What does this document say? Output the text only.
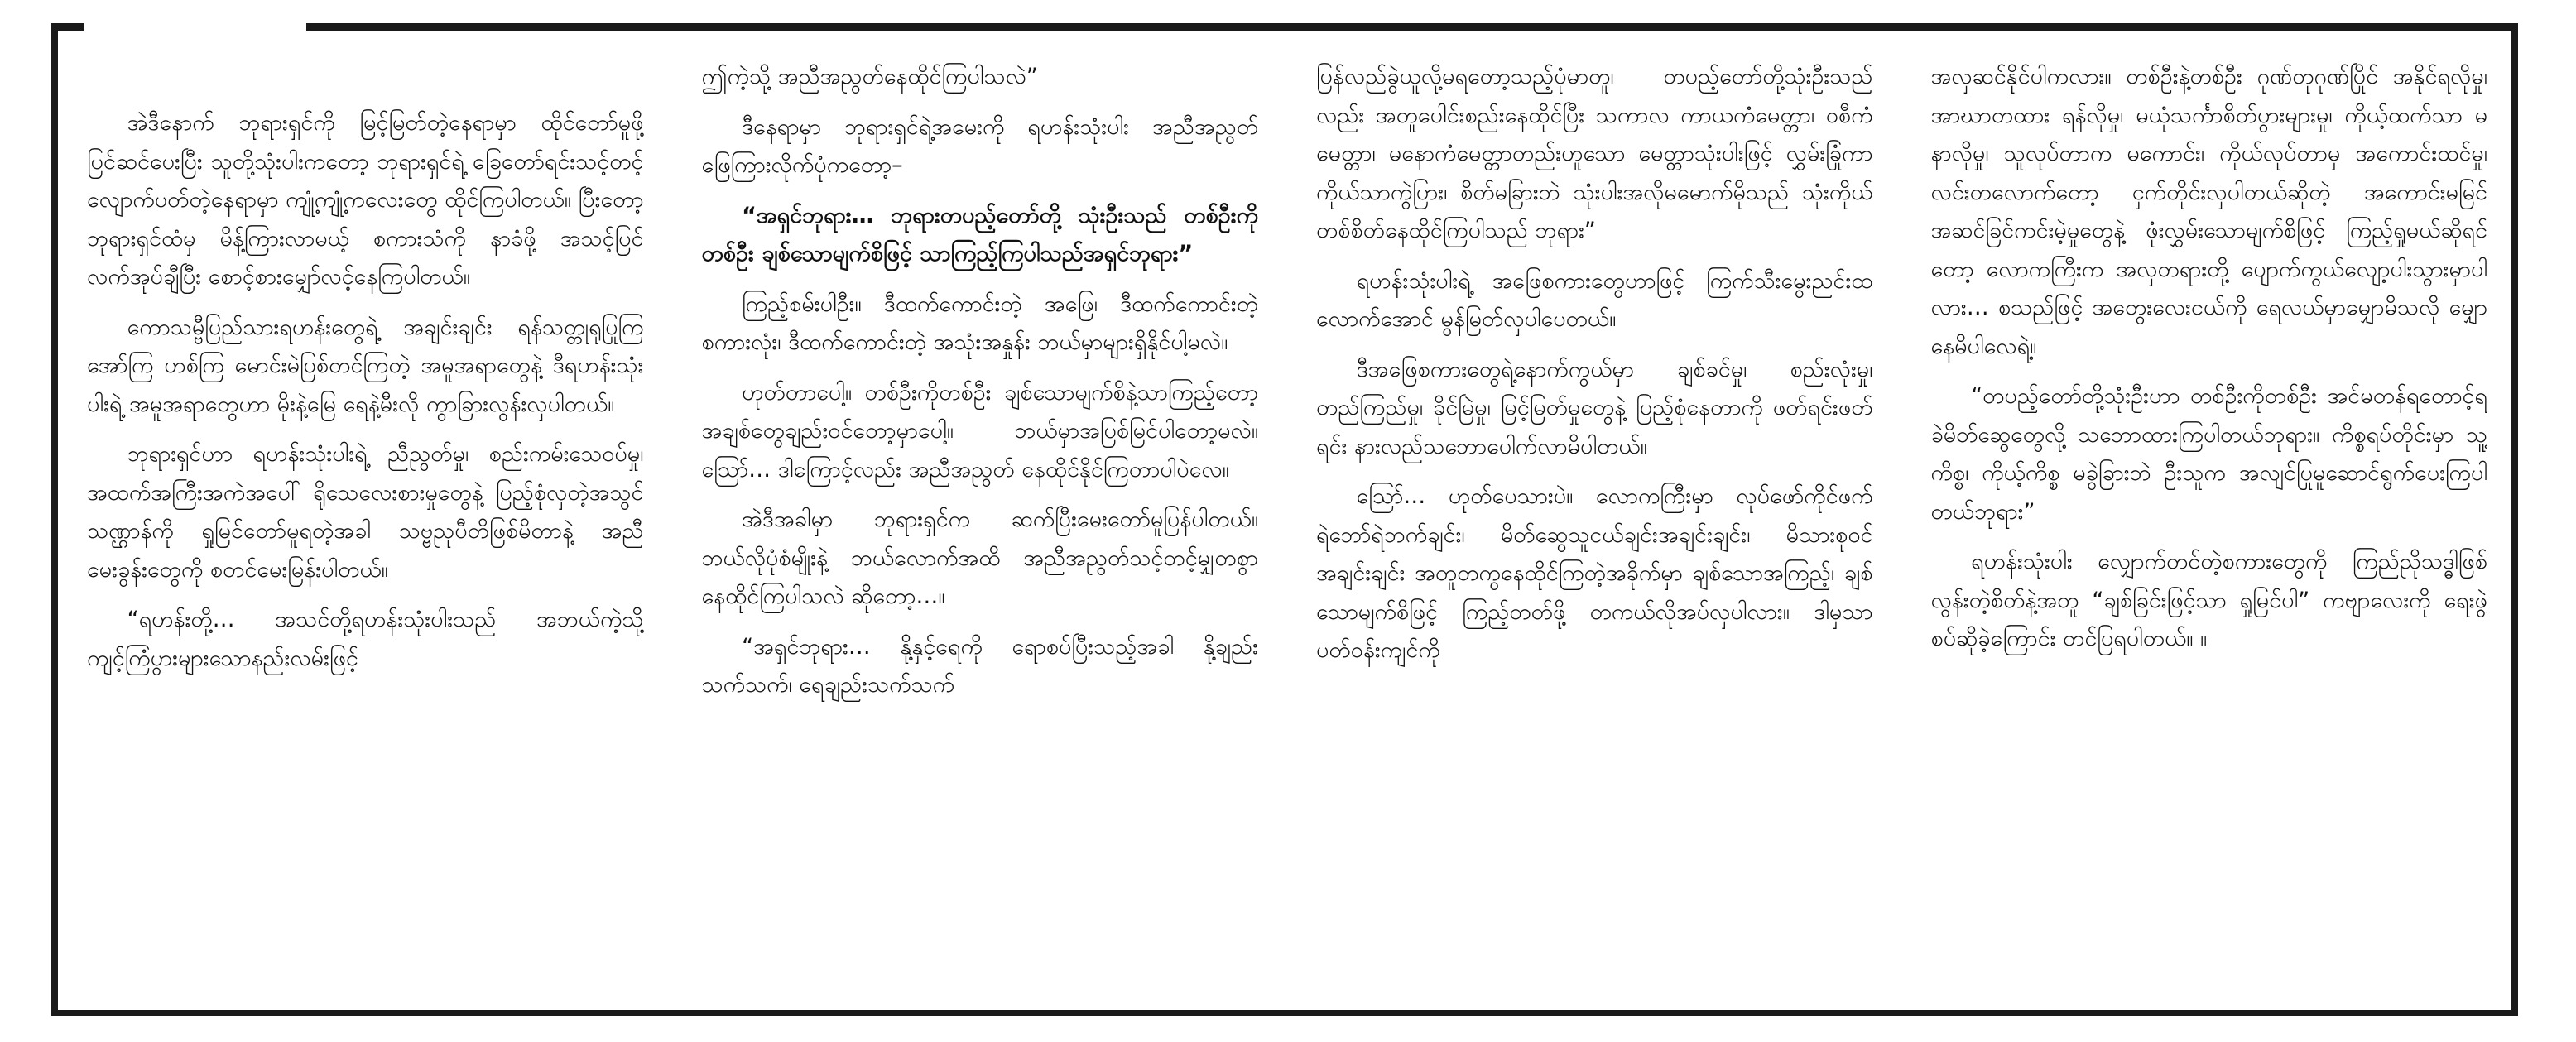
အဲဒီနောက် ဘုရားရှင်ကို မြင့်မြတ်တဲ့နေရာမှာ ထိုင်တော်မူဖို့ ပြင်ဆင်ပေးပြီး သူတို့သုံးပါးကတော့ ဘုရားရှင်ရဲ့ ခြေတော်ရင်းသင့်တင့်လျောက်ပတ်တဲ့နေရာမှာ ကျုံ့ကျုံ့ကလေးတွေ ထိုင်ကြပါတယ်။ ပြီးတော့ ဘုရားရှင်ထံမှ မိန့်ကြားလာမယ့် စကားသံကို နာခံဖို့ အသင့်ပြင်လက်အုပ်ချီပြီး စောင့်စားမျှော်လင့်နေကြပါတယ်။

ကောသမ္ဗီပြည်သားရဟန်းတွေရဲ့ အချင်းချင်း ရန်သတ္တုရုပြုကြ အော်ကြ ဟစ်ကြ မောင်းမဲပြစ်တင်ကြတဲ့ အမူအရာတွေနဲ့ ဒီရဟန်းသုံးပါးရဲ့ အမူအရာတွေဟာ မိုးနဲ့မြေ ရေနဲ့မီးလို ကွာခြားလွန်းလှပါတယ်။

ဘုရားရှင်ဟာ ရဟန်းသုံးပါးရဲ့ ညီညွတ်မှု၊ စည်းကမ်းသေဝပ်မှု၊ အထက်အကြီးအကဲအပေါ် ရိုသေလေးစားမှုတွေနဲ့ ပြည့်စုံလှတဲ့အသွင်သဏ္ဌာန်ကို ရှုမြင်တော်မူရတဲ့အခါ သဗ္ဗညုပီတိဖြစ်မိတာနဲ့ အညီ မေးခွန်းတွေကို စတင်မေးမြန်းပါတယ်။

“ရဟန်းတို့… အသင်တို့ရဟန်းသုံးပါးသည် အဘယ်ကဲ့သို့ ကျင့်ကြံပွားများသောနည်းလမ်းဖြင့်

ဤကဲ့သို့ အညီအညွတ်နေထိုင်ကြပါသလဲ”

ဒီနေရာမှာ ဘုရားရှင်ရဲ့အမေးကို ရဟန်းသုံးပါး အညီအညွတ်ဖြေကြားလိုက်ပုံကတော့–

“အရှင်ဘုရား… ဘုရားတပည့်တော်တို့ သုံးဦးသည် တစ်ဦးကိုတစ်ဦး ချစ်သောမျက်စိဖြင့် သာကြည့်ကြပါသည်အရှင်ဘုရား”

ကြည့်စမ်းပါဦး။ ဒီထက်ကောင်းတဲ့ အဖြေ၊ ဒီထက်ကောင်းတဲ့စကားလုံး၊ ဒီထက်ကောင်းတဲ့ အသုံးအနှုန်း ဘယ်မှာများရှိနိုင်ပါ့မလဲ။

ဟုတ်တာပေါ့။ တစ်ဦးကိုတစ်ဦး ချစ်သောမျက်စိနဲ့သာကြည့်တော့ အချစ်တွေချည်းဝင်တော့မှာပေါ့။ ဘယ်မှာအပြစ်မြင်ပါတော့မလဲ။ ဪ… ဒါကြောင့်လည်း အညီအညွတ် နေထိုင်နိုင်ကြတာပါပဲလေ။

အဲဒီအခါမှာ ဘုရားရှင်က ဆက်ပြီးမေးတော်မူပြန်ပါတယ်။ ဘယ်လိုပုံစံမျိုးနဲ့ ဘယ်လောက်အထိ အညီအညွတ်သင့်တင့်မျှတစွာ နေထိုင်ကြပါသလဲ ဆိုတော့…။

“အရှင်ဘုရား… နို့နှင့်ရေကို ရောစပ်ပြီးသည့်အခါ နို့ချည်းသက်သက်၊ ရေချည်းသက်သက်

ပြန်လည်ခွဲယူလို့မရတော့သည့်ပုံမာတူ၊ တပည့်တော်တို့သုံးဦးသည်လည်း အတူပေါင်းစည်းနေထိုင်ပြီး သကာလ ကာယကံမေတ္တာ၊ ဝစီကံမေတ္တာ၊ မနောကံမေတ္တာတည်းဟူသော မေတ္တာသုံးပါးဖြင့် လွှမ်းခြုံကာ ကိုယ်သာကွဲပြား၊ စိတ်မခြားဘဲ သုံးပါးအလိုမမောက်မိုသည် သုံးကိုယ်တစ်စိတ်နေထိုင်ကြပါသည် ဘုရား”

ရဟန်းသုံးပါးရဲ့ အဖြေစကားတွေဟာဖြင့် ကြက်သီးမွေးညင်းထလောက်အောင် မွန်မြတ်လှပါပေတယ်။

ဒီအဖြေစကားတွေရဲ့နောက်ကွယ်မှာ ချစ်ခင်မှု၊ စည်းလုံးမှု၊ တည်ကြည်မှု၊ ခိုင်မြဲမှု၊ မြင့်မြတ်မှုတွေနဲ့ ပြည့်စုံနေတာကို ဖတ်ရင်းဖတ်ရင်း နားလည်သဘောပေါက်လာမိပါတယ်။

ဪ… ဟုတ်ပေသားပဲ။ လောကကြီးမှာ လုပ်ဖော်ကိုင်ဖက် ရဲဘော်ရဲဘက်ချင်း၊ မိတ်ဆွေသူငယ်ချင်းအချင်းချင်း၊ မိသားစုဝင်အချင်းချင်း အတူတကွနေထိုင်ကြတဲ့အခိုက်မှာ ချစ်သောအကြည့်၊ ချစ်သောမျက်စိဖြင့် ကြည့်တတ်ဖို့ တကယ်လိုအပ်လှပါလား။ ဒါမှသာ ပတ်ဝန်းကျင်ကို

အလှဆင်နိုင်ပါကလား။ တစ်ဦးနဲ့တစ်ဦး ဂုဏ်တုဂုဏ်ပြိုင် အနိုင်ရလိုမှု၊ အာဃာတထား ရန်လိုမှု၊ မယုံသင်္ကာစိတ်ပွားများမှု၊ ကိုယ့်ထက်သာ မနာလိုမှု၊ သူလုပ်တာက မကောင်း၊ ကိုယ်လုပ်တာမှ အကောင်းထင်မှု၊ လင်းတလောက်တော့ ငှက်တိုင်းလှပါတယ်ဆိုတဲ့ အကောင်းမမြင် အဆင်ခြင်ကင်းမဲ့မှုတွေနဲ့ ဖုံးလွှမ်းသောမျက်စိဖြင့် ကြည့်ရှုမယ်ဆိုရင်တော့ လောကကြီးက အလှတရားတို့ ပျောက်ကွယ်လျော့ပါးသွားမှာပါလား… စသည်ဖြင့် အတွေးလေးငယ်ကို ရေလယ်မှာမျှောမိသလို မျှောနေမိပါလေရဲ့။

“တပည့်တော်တို့သုံးဦးဟာ တစ်ဦးကိုတစ်ဦး အင်မတန်ရတောင့်ရခဲမိတ်ဆွေတွေလို့ သဘောထားကြပါတယ်ဘုရား။ ကိစ္စရပ်တိုင်းမှာ သူ့ကိစ္စ၊ ကိုယ့်ကိစ္စ မခွဲခြားဘဲ ဦးသူက အလျင်ပြုမူဆောင်ရွက်ပေးကြပါတယ်ဘုရား”

ရဟန်းသုံးပါး လျှောက်တင်တဲ့စကားတွေကို ကြည်ညိုသဒ္ဓါဖြစ်လွန်းတဲ့စိတ်နဲ့အတူ “ချစ်ခြင်းဖြင့်သာ ရှုမြင်ပါ” ကဗျာလေးကို ရေးဖွဲ့စပ်ဆိုခဲ့ကြောင်း တင်ပြရပါတယ်။ ။
